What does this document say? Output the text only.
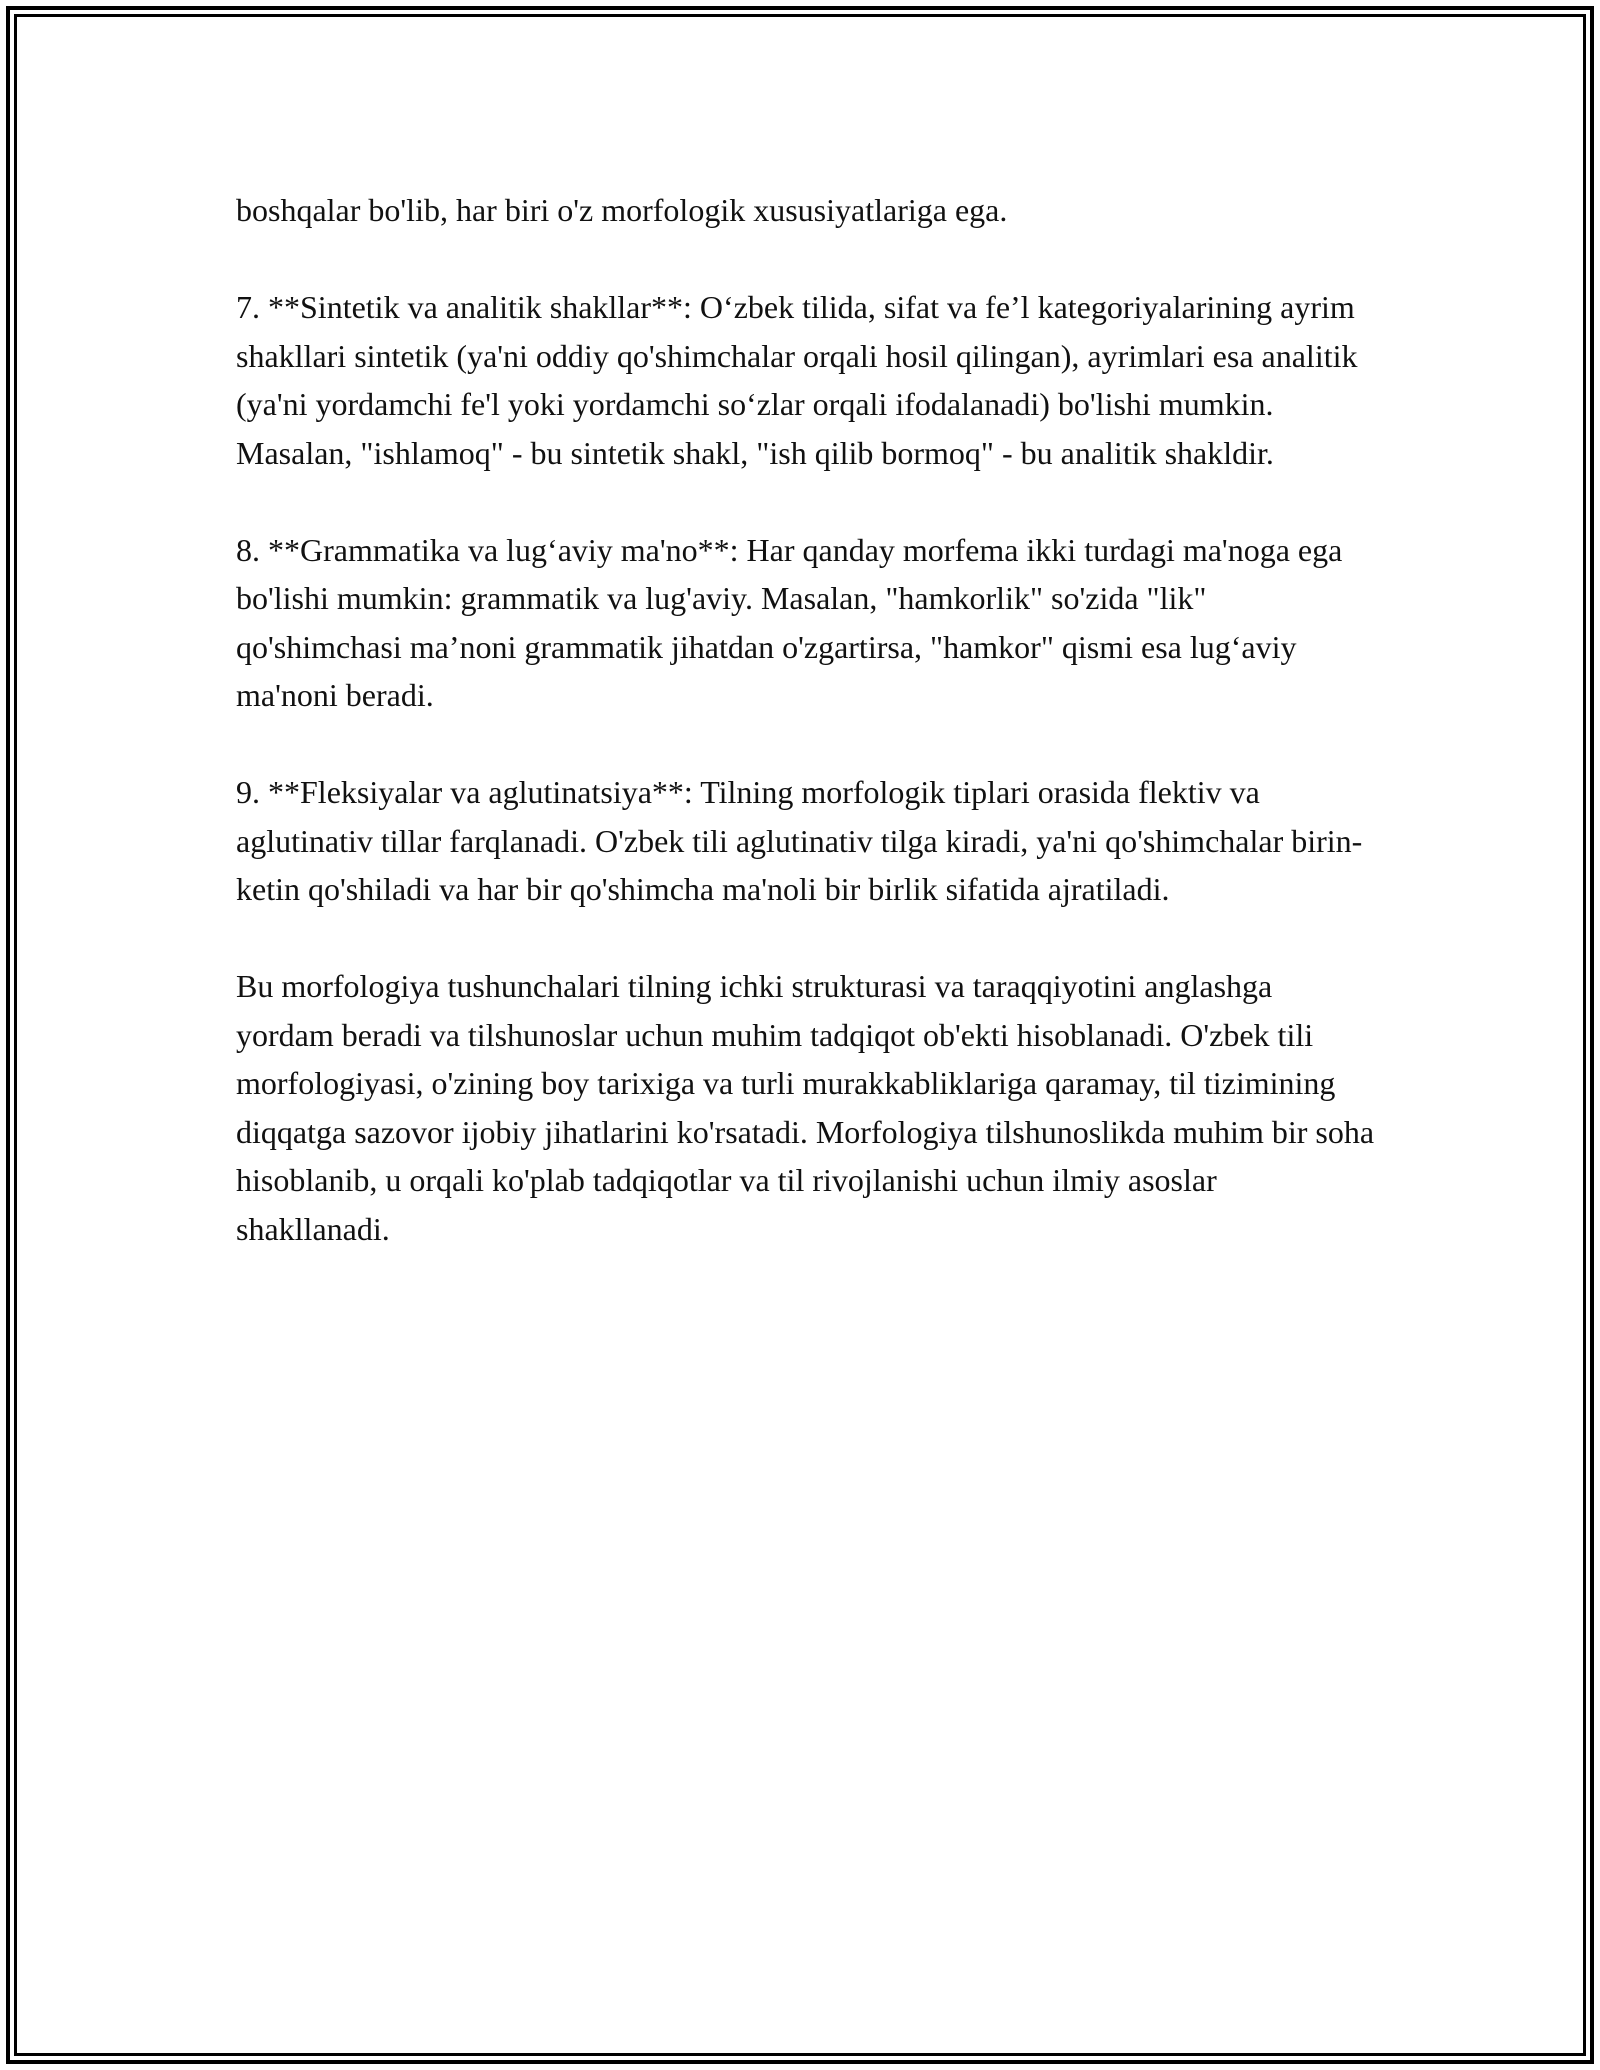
boshqalar bo'lib, har biri o'z morfologik xususiyatlariga ega.

7. **Sintetik va analitik shakllar**: O‘zbek tilida, sifat va fe’l kategoriyalarining ayrim shakllari sintetik (ya'ni oddiy qo'shimchalar orqali hosil qilingan), ayrimlari esa analitik (ya'ni yordamchi fe'l yoki yordamchi so‘zlar orqali ifodalanadi) bo'lishi mumkin. Masalan, "ishlamoq" - bu sintetik shakl, "ish qilib bormoq" - bu analitik shakldir.

8. **Grammatika va lug‘aviy ma'no**: Har qanday morfema ikki turdagi ma'noga ega bo'lishi mumkin: grammatik va lug'aviy. Masalan, "hamkorlik" so'zida "lik" qo'shimchasi ma’noni grammatik jihatdan o'zgartirsa, "hamkor" qismi esa lug‘aviy ma'noni beradi.

9. **Fleksiyalar va aglutinatsiya**: Tilning morfologik tiplari orasida flektiv va aglutinativ tillar farqlanadi. O'zbek tili aglutinativ tilga kiradi, ya'ni qo'shimchalar birin-ketin qo'shiladi va har bir qo'shimcha ma'noli bir birlik sifatida ajratiladi.

Bu morfologiya tushunchalari tilning ichki strukturasi va taraqqiyotini anglashga yordam beradi va tilshunoslar uchun muhim tadqiqot ob'ekti hisoblanadi. O'zbek tili morfologiyasi, o'zining boy tarixiga va turli murakkabliklariga qaramay, til tizimining diqqatga sazovor ijobiy jihatlarini ko'rsatadi. Morfologiya tilshunoslikda muhim bir soha hisoblanib, u orqali ko'plab tadqiqotlar va til rivojlanishi uchun ilmiy asoslar shakllanadi.
